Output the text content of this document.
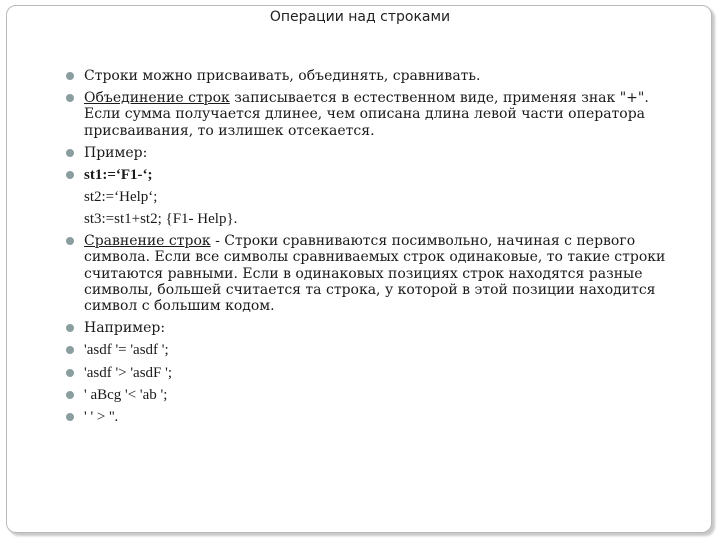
Операции над строками
Строки можно присваивать, объединять, сравнивать.
Объединение строк записывается в естественном виде, применяя знак "+". Если сумма получается длинее, чем описана длина левой части оператора присваивания, то излишек отсекается.
Пример:
st1:=‘F1-‘;
st2:=‘Help‘;
st3:=st1+st2; {F1- Help}.
Сравнение строк - Строки сравниваются посимвольно, начиная с первого символа. Если все символы сравниваемых строк одинаковые, то такие строки считаются равными. Если в одинаковых позициях строк находятся разные символы, большей считается та строка, у которой в этой позиции находится символ с большим кодом.
Например:
'asdf '= 'asdf ';
'asdf '> 'asdF ';
' aBcg '< 'ab ';
' ' > ''.
